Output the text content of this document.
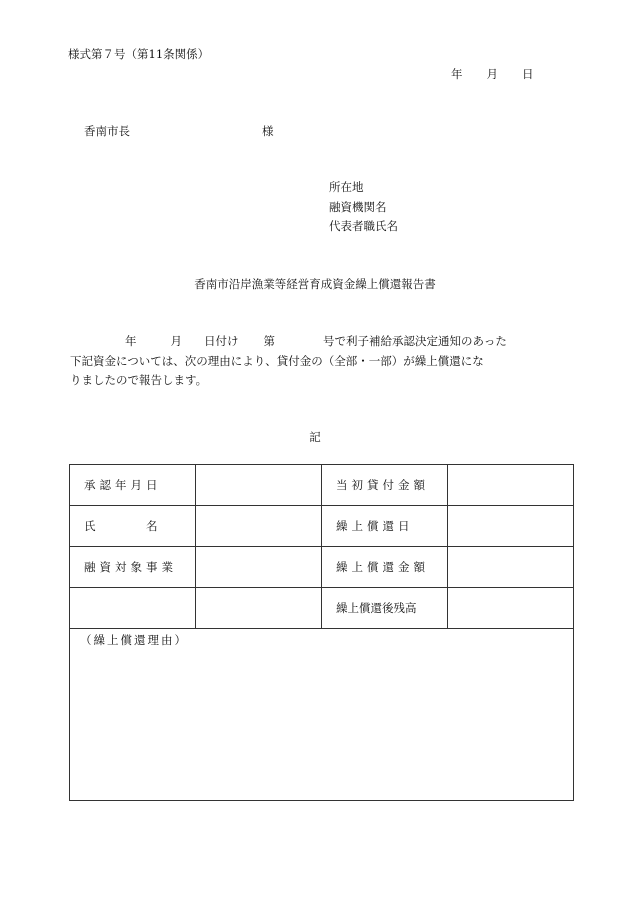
様式第７号（第11条関係）
年 月 日
香南市長	様
所在地
融資機関名
代表者職氏名
香南市沿岸漁業等経営育成資金繰上償還報告書
年	月 日付け 第	号で利子補給承認決定通知のあった
下記資金については、次の理由により、貸付金の（全部・一部）が繰上償還にな
りましたので報告します。
記
承認年月日		当初貸付金額	
氏　　　名		繰上償還日	
融資対象事業		繰上償還金額	
		繰上償還後残高	
（繰上償還理由）			
